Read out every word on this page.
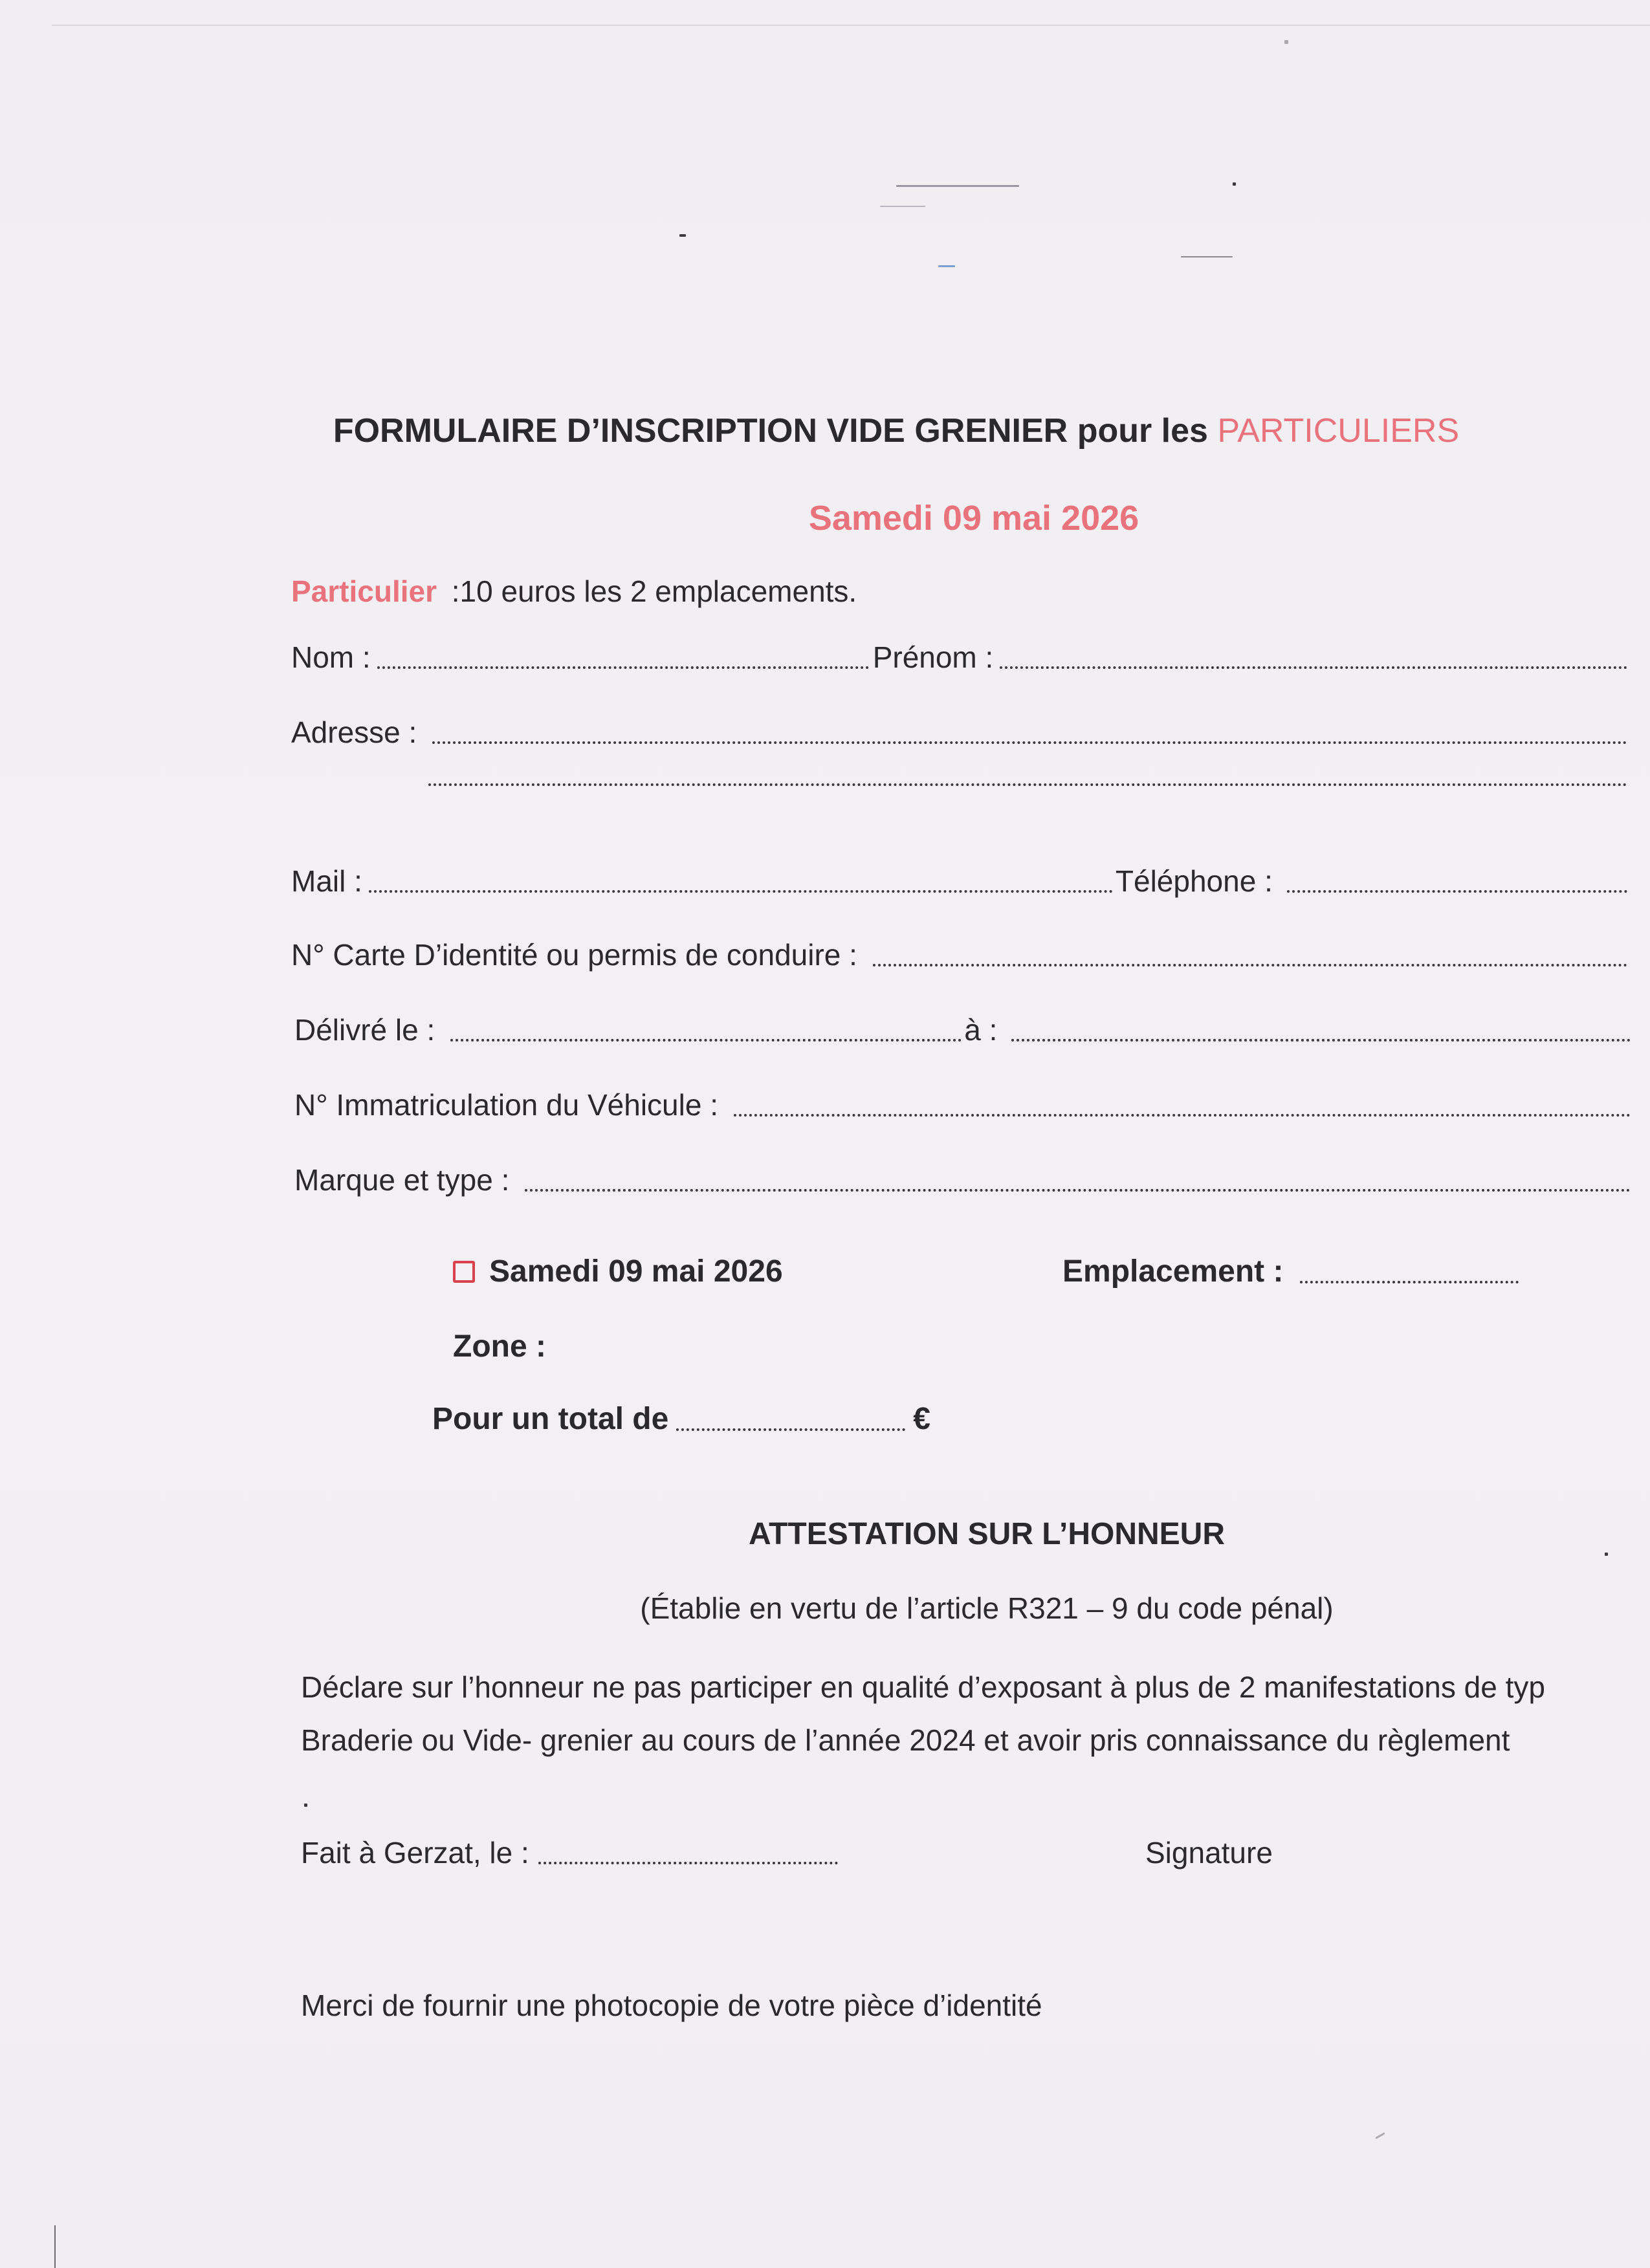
FORMULAIRE D’INSCRIPTION VIDE GRENIER pour les PARTICULIERS
Samedi 09 mai 2026
Particulier :10 euros les 2 emplacements.
Nom :	Prénom :
Adresse :
Mail :	Téléphone :
N° Carte D’identité ou permis de conduire :
Délivré le :	à :
N° Immatriculation du Véhicule :
Marque et type :
Samedi 09 mai 2026	Emplacement :
Zone :
Pour un total de	€
ATTESTATION SUR L’HONNEUR
(Établie en vertu de l’article R321 – 9 du code pénal)
Déclare sur l’honneur ne pas participer en qualité d’exposant à plus de 2 manifestations de typ
Braderie ou Vide- grenier au cours de l’année 2024 et avoir pris connaissance du règlement
Fait à Gerzat, le :	Signature
Merci de fournir une photocopie de votre pièce d’identité
